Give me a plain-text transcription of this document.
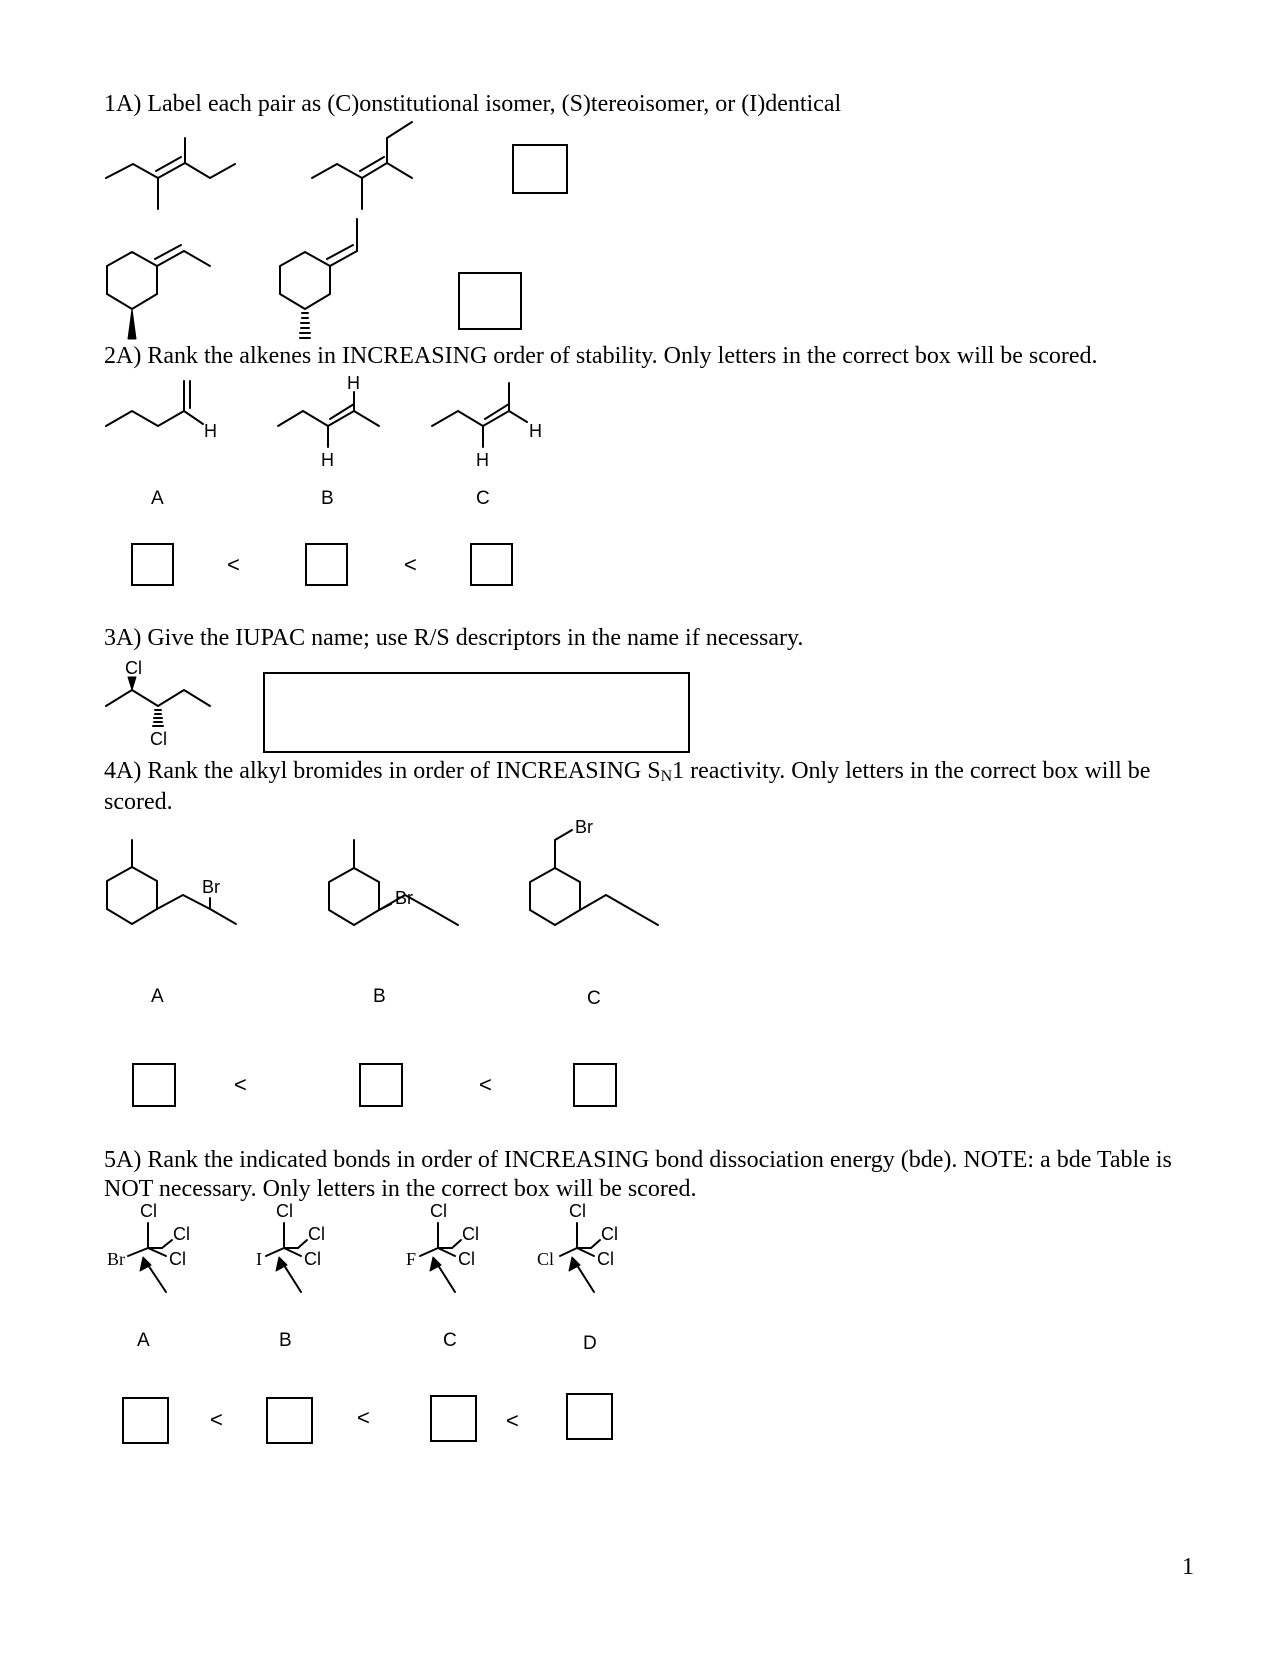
1A) Label each pair as (C)onstitutional isomer, (S)tereoisomer, or (I)dentical

2A) Rank the alkenes in INCREASING order of stability. Only letters in the correct box will be scored.

H
H
H
H
H
A	B	C
<	<

3A) Give the IUPAC name; use R/S descriptors in the name if necessary.

Cl
Cl

4A) Rank the alkyl bromides in order of INCREASING SN1 reactivity. Only letters in the correct box will be scored.

Br
Br
Br
A	B	C
<	<

5A) Rank the indicated bonds in order of INCREASING bond dissociation energy (bde). NOTE: a bde Table is NOT necessary. Only letters in the correct box will be scored.

Cl
Cl
Cl
Br
Cl
Cl
Cl
I
Cl
Cl
Cl
F
Cl
Cl
Cl
Cl
A	B	C	D
<	<	<
1
